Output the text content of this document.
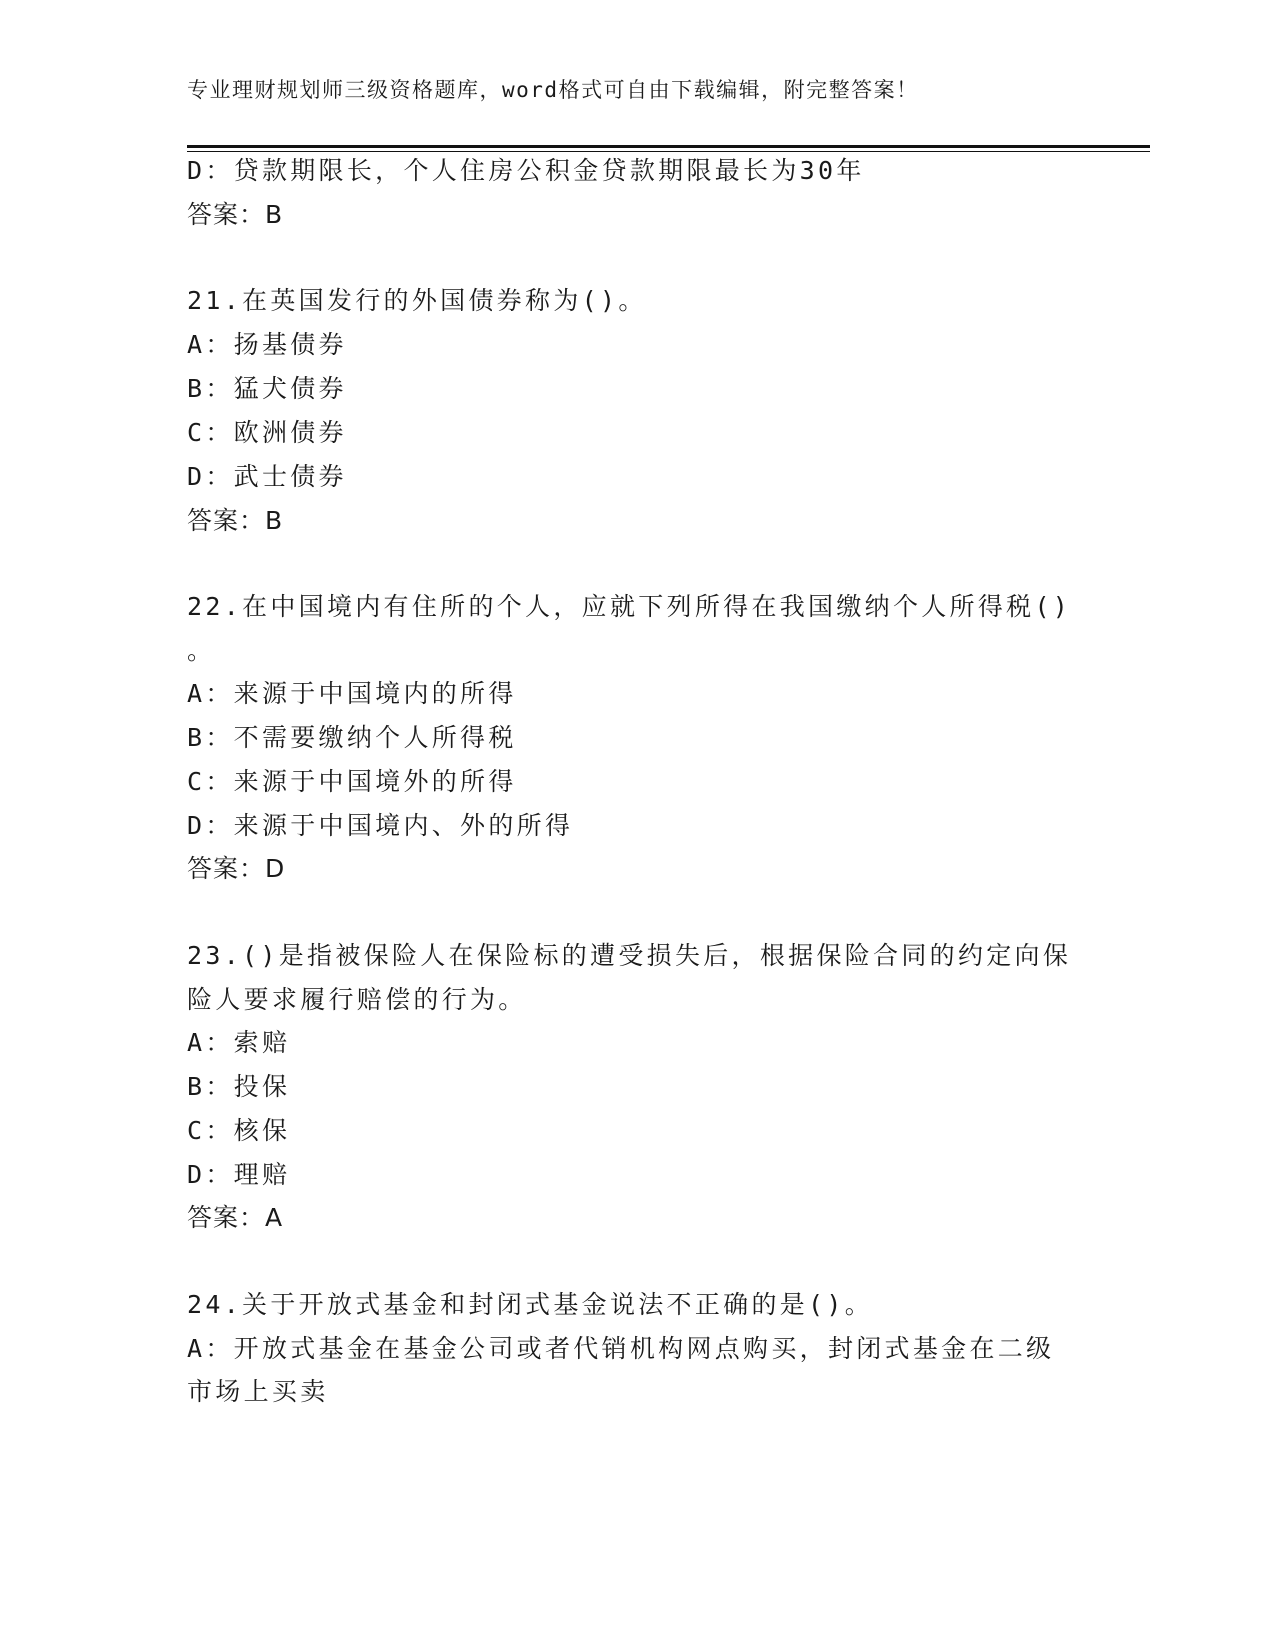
专业理财规划师三级资格题库，word格式可自由下载编辑，附完整答案！
D：贷款期限长，个人住房公积金贷款期限最长为30年
答案：B
21.在英国发行的外国债券称为()。
A：扬基债券
B：猛犬债券
C：欧洲债券
D：武士债券
答案：B
22.在中国境内有住所的个人，应就下列所得在我国缴纳个人所得税()
。
A：来源于中国境内的所得
B：不需要缴纳个人所得税
C：来源于中国境外的所得
D：来源于中国境内、外的所得
答案：D
23.()是指被保险人在保险标的遭受损失后，根据保险合同的约定向保
险人要求履行赔偿的行为。
A：索赔
B：投保
C：核保
D：理赔
答案：A
24.关于开放式基金和封闭式基金说法不正确的是()。
A：开放式基金在基金公司或者代销机构网点购买，封闭式基金在二级
市场上买卖
